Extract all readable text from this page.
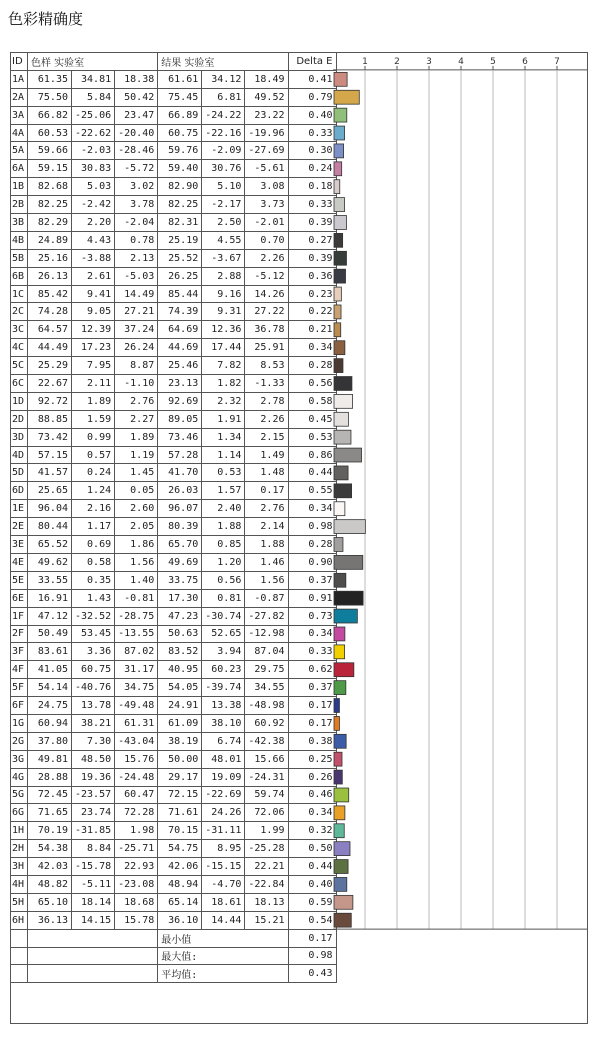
色彩精确度
ID	色样 实验室			结果 实验室			Delta E
1A	61.35	34.81	18.38	61.61	34.12	18.49	0.41
2A	75.50	5.84	50.42	75.45	6.81	49.52	0.79
3A	66.82	-25.06	23.47	66.89	-24.22	23.22	0.40
4A	60.53	-22.62	-20.40	60.75	-22.16	-19.96	0.33
5A	59.66	-2.03	-28.46	59.76	-2.09	-27.69	0.30
6A	59.15	30.83	-5.72	59.40	30.76	-5.61	0.24
1B	82.68	5.03	3.02	82.90	5.10	3.08	0.18
2B	82.25	-2.42	3.78	82.25	-2.17	3.73	0.33
3B	82.29	2.20	-2.04	82.31	2.50	-2.01	0.39
4B	24.89	4.43	0.78	25.19	4.55	0.70	0.27
5B	25.16	-3.88	2.13	25.52	-3.67	2.26	0.39
6B	26.13	2.61	-5.03	26.25	2.88	-5.12	0.36
1C	85.42	9.41	14.49	85.44	9.16	14.26	0.23
2C	74.28	9.05	27.21	74.39	9.31	27.22	0.22
3C	64.57	12.39	37.24	64.69	12.36	36.78	0.21
4C	44.49	17.23	26.24	44.69	17.44	25.91	0.34
5C	25.29	7.95	8.87	25.46	7.82	8.53	0.28
6C	22.67	2.11	-1.10	23.13	1.82	-1.33	0.56
1D	92.72	1.89	2.76	92.69	2.32	2.78	0.58
2D	88.85	1.59	2.27	89.05	1.91	2.26	0.45
3D	73.42	0.99	1.89	73.46	1.34	2.15	0.53
4D	57.15	0.57	1.19	57.28	1.14	1.49	0.86
5D	41.57	0.24	1.45	41.70	0.53	1.48	0.44
6D	25.65	1.24	0.05	26.03	1.57	0.17	0.55
1E	96.04	2.16	2.60	96.07	2.40	2.76	0.34
2E	80.44	1.17	2.05	80.39	1.88	2.14	0.98
3E	65.52	0.69	1.86	65.70	0.85	1.88	0.28
4E	49.62	0.58	1.56	49.69	1.20	1.46	0.90
5E	33.55	0.35	1.40	33.75	0.56	1.56	0.37
6E	16.91	1.43	-0.81	17.30	0.81	-0.87	0.91
1F	47.12	-32.52	-28.75	47.23	-30.74	-27.82	0.73
2F	50.49	53.45	-13.55	50.63	52.65	-12.98	0.34
3F	83.61	3.36	87.02	83.52	3.94	87.04	0.33
4F	41.05	60.75	31.17	40.95	60.23	29.75	0.62
5F	54.14	-40.76	34.75	54.05	-39.74	34.55	0.37
6F	24.75	13.78	-49.48	24.91	13.38	-48.98	0.17
1G	60.94	38.21	61.31	61.09	38.10	60.92	0.17
2G	37.80	7.30	-43.04	38.19	6.74	-42.38	0.38
3G	49.81	48.50	15.76	50.00	48.01	15.66	0.25
4G	28.88	19.36	-24.48	29.17	19.09	-24.31	0.26
5G	72.45	-23.57	60.47	72.15	-22.69	59.74	0.46
6G	71.65	23.74	72.28	71.61	24.26	72.06	0.34
1H	70.19	-31.85	1.98	70.15	-31.11	1.99	0.32
2H	54.38	8.84	-25.71	54.75	8.95	-25.28	0.50
3H	42.03	-15.78	22.93	42.06	-15.15	22.21	0.44
4H	48.82	-5.11	-23.08	48.94	-4.70	-22.84	0.40
5H	65.10	18.14	18.68	65.14	18.61	18.13	0.59
6H	36.13	14.15	15.78	36.10	14.44	15.21	0.54
				最小值			0.17
				最大值:			0.98
				平均值:			0.43
1	2	3	4	5	6	7
